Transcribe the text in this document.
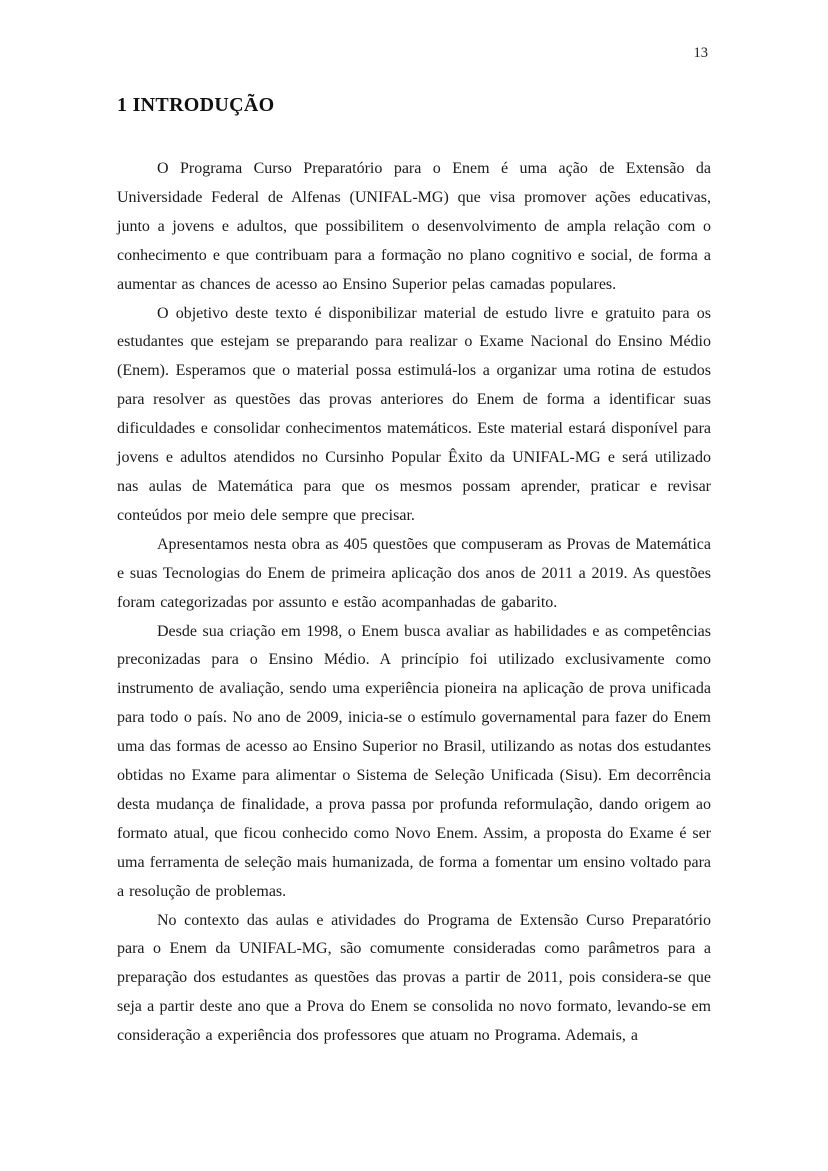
13
1 INTRODUÇÃO

O Programa Curso Preparatório para o Enem é uma ação de Extensão da Universidade Federal de Alfenas (UNIFAL-MG) que visa promover ações educativas, junto a jovens e adultos, que possibilitem o desenvolvimento de ampla relação com o conhecimento e que contribuam para a formação no plano cognitivo e social, de forma a aumentar as chances de acesso ao Ensino Superior pelas camadas populares.

O objetivo deste texto é disponibilizar material de estudo livre e gratuito para os estudantes que estejam se preparando para realizar o Exame Nacional do Ensino Médio (Enem). Esperamos que o material possa estimulá-los a organizar uma rotina de estudos para resolver as questões das provas anteriores do Enem de forma a identificar suas dificuldades e consolidar conhecimentos matemáticos. Este material estará disponível para jovens e adultos atendidos no Cursinho Popular Êxito da UNIFAL-MG e será utilizado nas aulas de Matemática para que os mesmos possam aprender, praticar e revisar conteúdos por meio dele sempre que precisar.

Apresentamos nesta obra as 405 questões que compuseram as Provas de Matemática e suas Tecnologias do Enem de primeira aplicação dos anos de 2011 a 2019. As questões foram categorizadas por assunto e estão acompanhadas de gabarito.

Desde sua criação em 1998, o Enem busca avaliar as habilidades e as competências preconizadas para o Ensino Médio. A princípio foi utilizado exclusivamente como instrumento de avaliação, sendo uma experiência pioneira na aplicação de prova unificada para todo o país. No ano de 2009, inicia-se o estímulo governamental para fazer do Enem uma das formas de acesso ao Ensino Superior no Brasil, utilizando as notas dos estudantes obtidas no Exame para alimentar o Sistema de Seleção Unificada (Sisu). Em decorrência desta mudança de finalidade, a prova passa por profunda reformulação, dando origem ao formato atual, que ficou conhecido como Novo Enem. Assim, a proposta do Exame é ser uma ferramenta de seleção mais humanizada, de forma a fomentar um ensino voltado para a resolução de problemas.

No contexto das aulas e atividades do Programa de Extensão Curso Preparatório para o Enem da UNIFAL-MG, são comumente consideradas como parâmetros para a preparação dos estudantes as questões das provas a partir de 2011, pois considera-se que seja a partir deste ano que a Prova do Enem se consolida no novo formato, levando-se em consideração a experiência dos professores que atuam no Programa. Ademais, a
